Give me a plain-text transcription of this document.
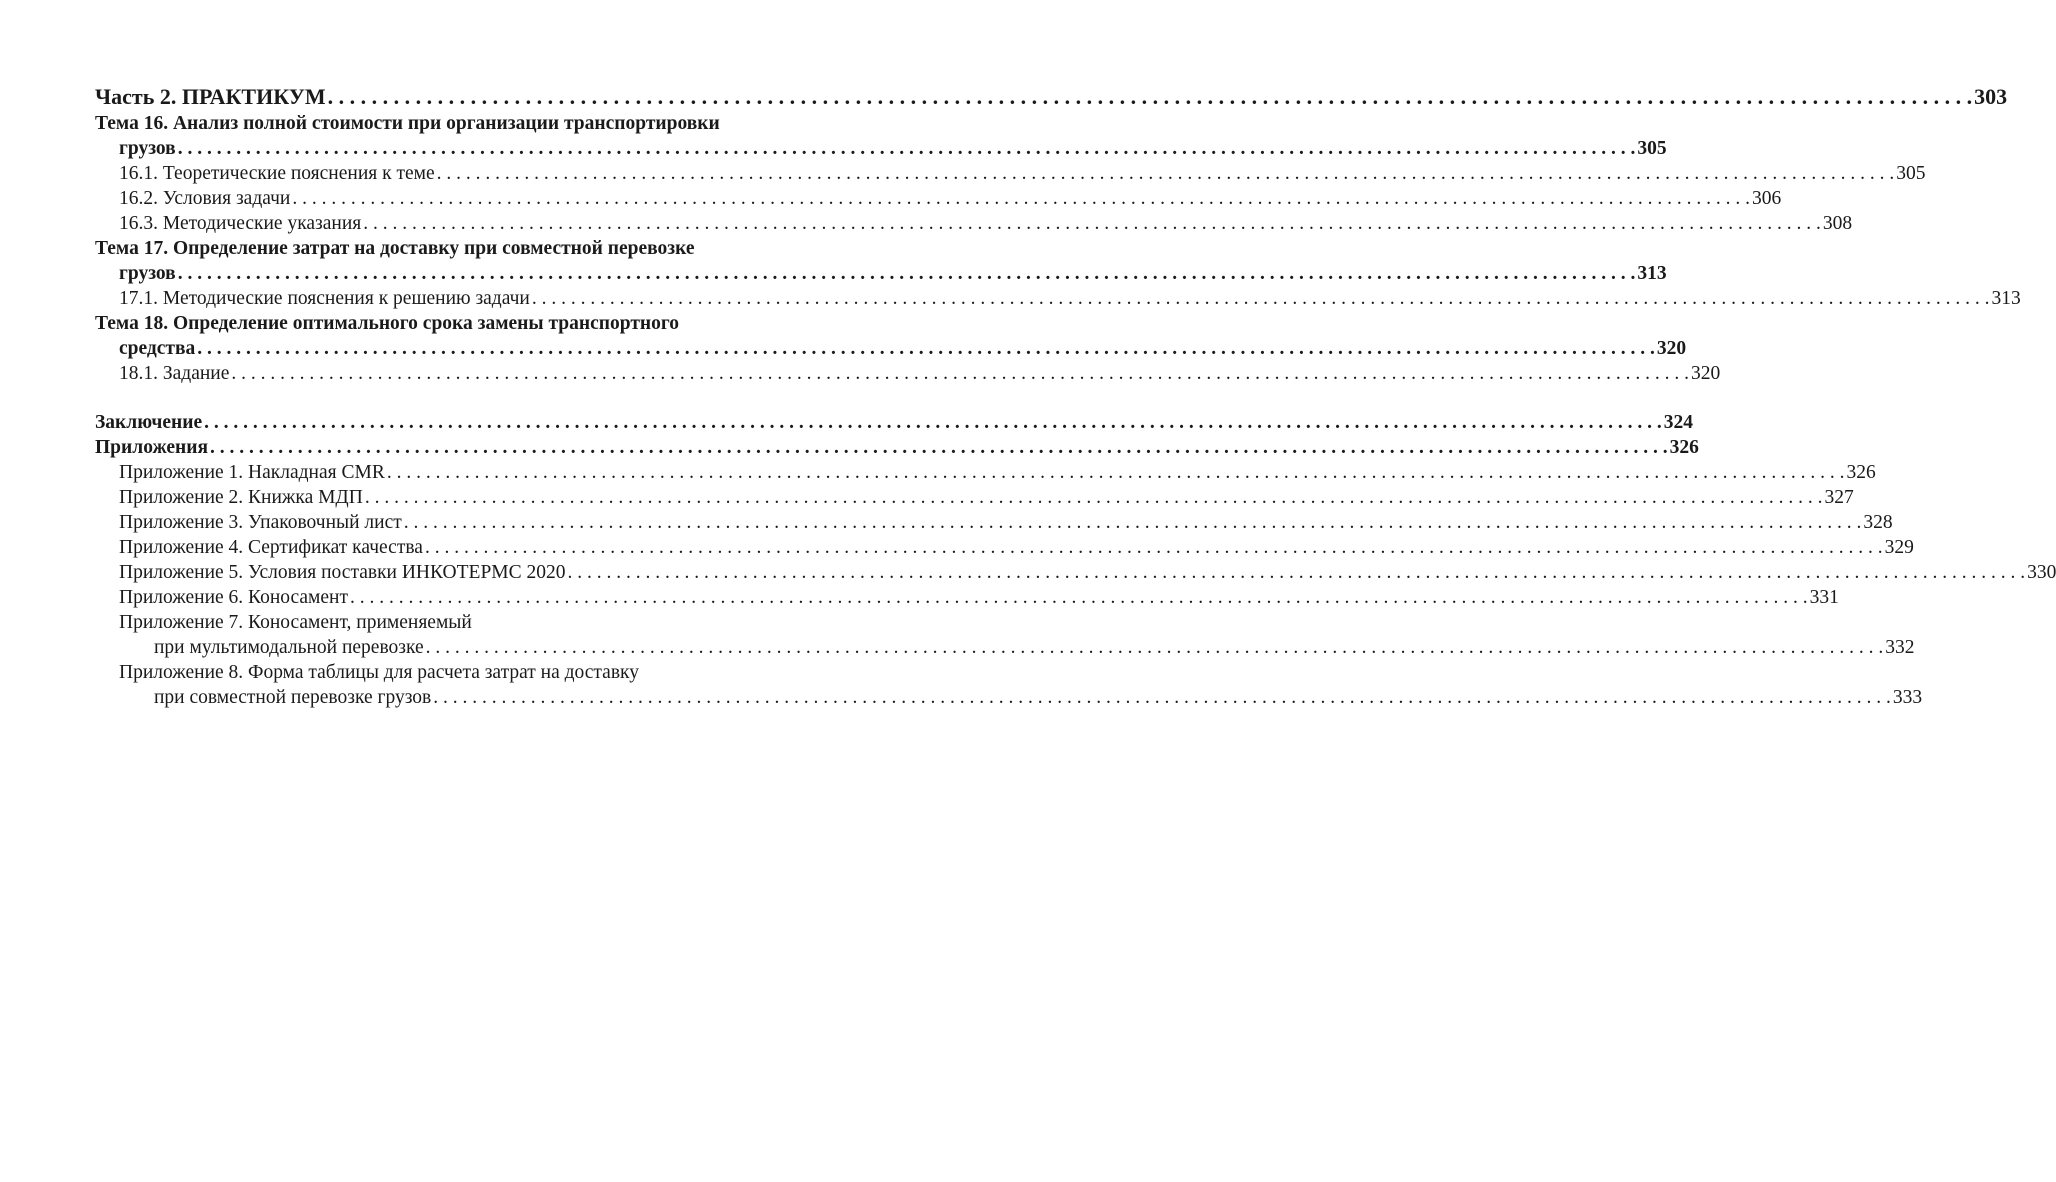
Часть 2. ПРАКТИКУМ . . .	303
Тема 16. Анализ полной стоимости при организации транспортировки
грузов . . .	305
16.1. Теоретические пояснения к теме . . .	305
16.2. Условия задачи . . .	306
16.3. Методические указания . . .	308
Тема 17. Определение затрат на доставку при совместной перевозке
грузов . . .	313
17.1. Методические пояснения к решению задачи . . .	313
Тема 18. Определение оптимального срока замены транспортного
средства . . .	320
18.1. Задание . . .	320
Заключение . . .	324
Приложения . . .	326
Приложение 1. Накладная CMR . . .	326
Приложение 2. Книжка МДП . . .	327
Приложение 3. Упаковочный лист . . .	328
Приложение 4. Сертификат качества . . .	329
Приложение 5. Условия поставки ИНКОТЕРМС 2020 . . .	330
Приложение 6. Коносамент . . .	331
Приложение 7. Коносамент, применяемый
при мультимодальной перевозке . . .	332
Приложение 8. Форма таблицы для расчета затрат на доставку
при совместной перевозке грузов . . .	333
